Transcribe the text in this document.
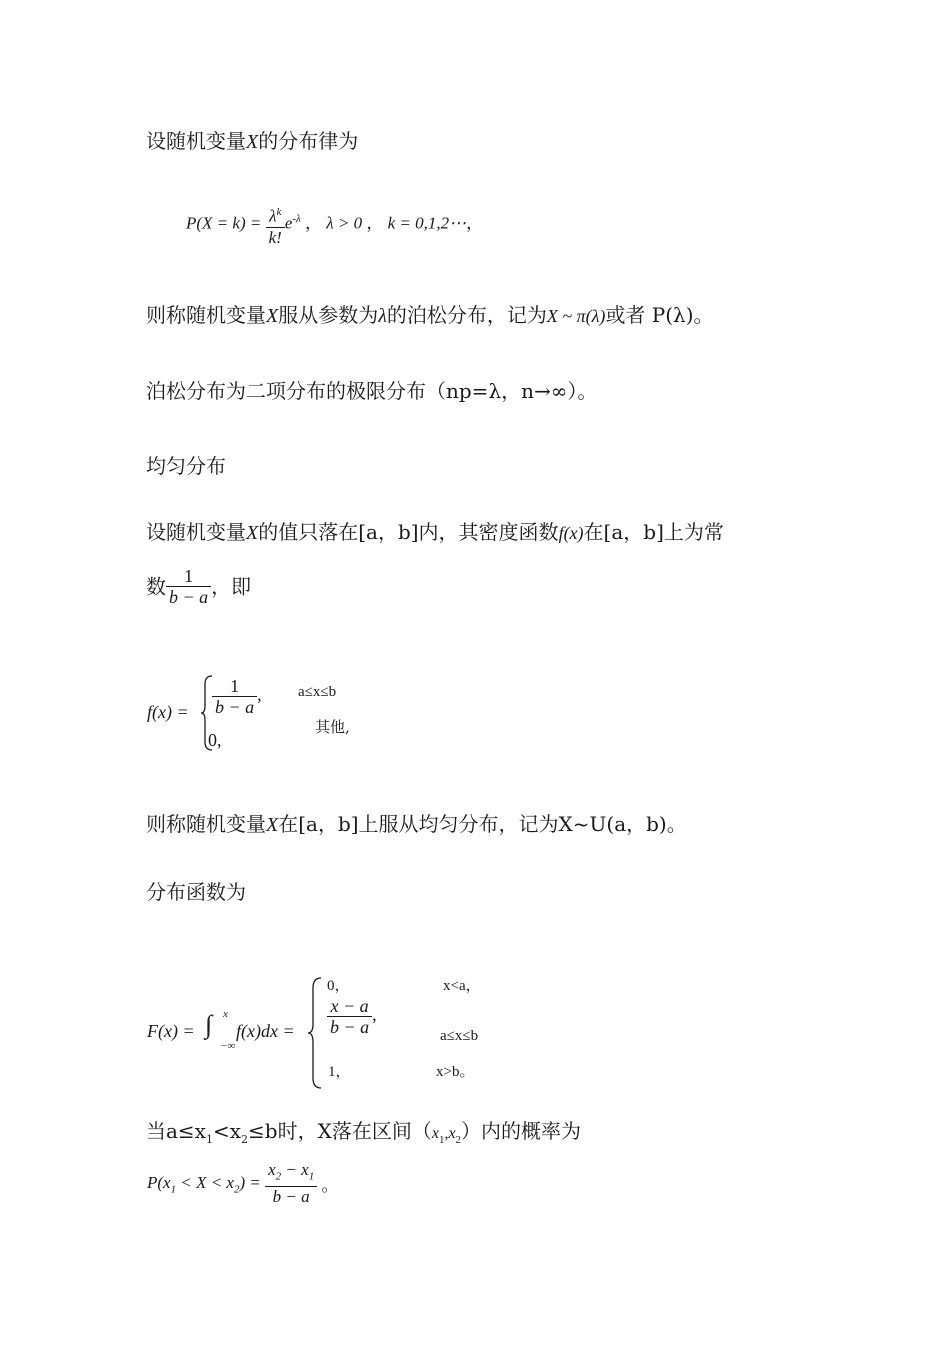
设随机变量X的分布律为
$P(X = k) = \frac{\lambda^k}{k!} e^{-\lambda}$ ， λ > 0 ， k = 0,1,2⋯，
则称随机变量X服从参数为λ的泊松分布，记为X ~ π(λ)或者 P(λ)。
泊松分布为二项分布的极限分布（np=λ，n→∞）。
均匀分布
设随机变量X的值只落在[a，b]内，其密度函数f(x)在[a，b]上为常
数 $\frac{1}{b - a}$ ，即
$f(x) = \frac{1}{b - a}$ , a≤x≤b
0,
其他,
则称随机变量X在[a，b]上服从均匀分布，记为X~U(a，b)。
分布函数为
F(x) = ∫ x
−∞
f(x)dx =
0，	x<a，
$\frac{x - a}{b - a}$ ,
a≤x≤b
1，	x>b。
当$a\le x_1<x_2\le b$时，X落在区间$(x_1,x_2)$内的概率为
$P(x_1 < X < x_2) = \frac{x_2 - x_1}{b - a}$ 。
